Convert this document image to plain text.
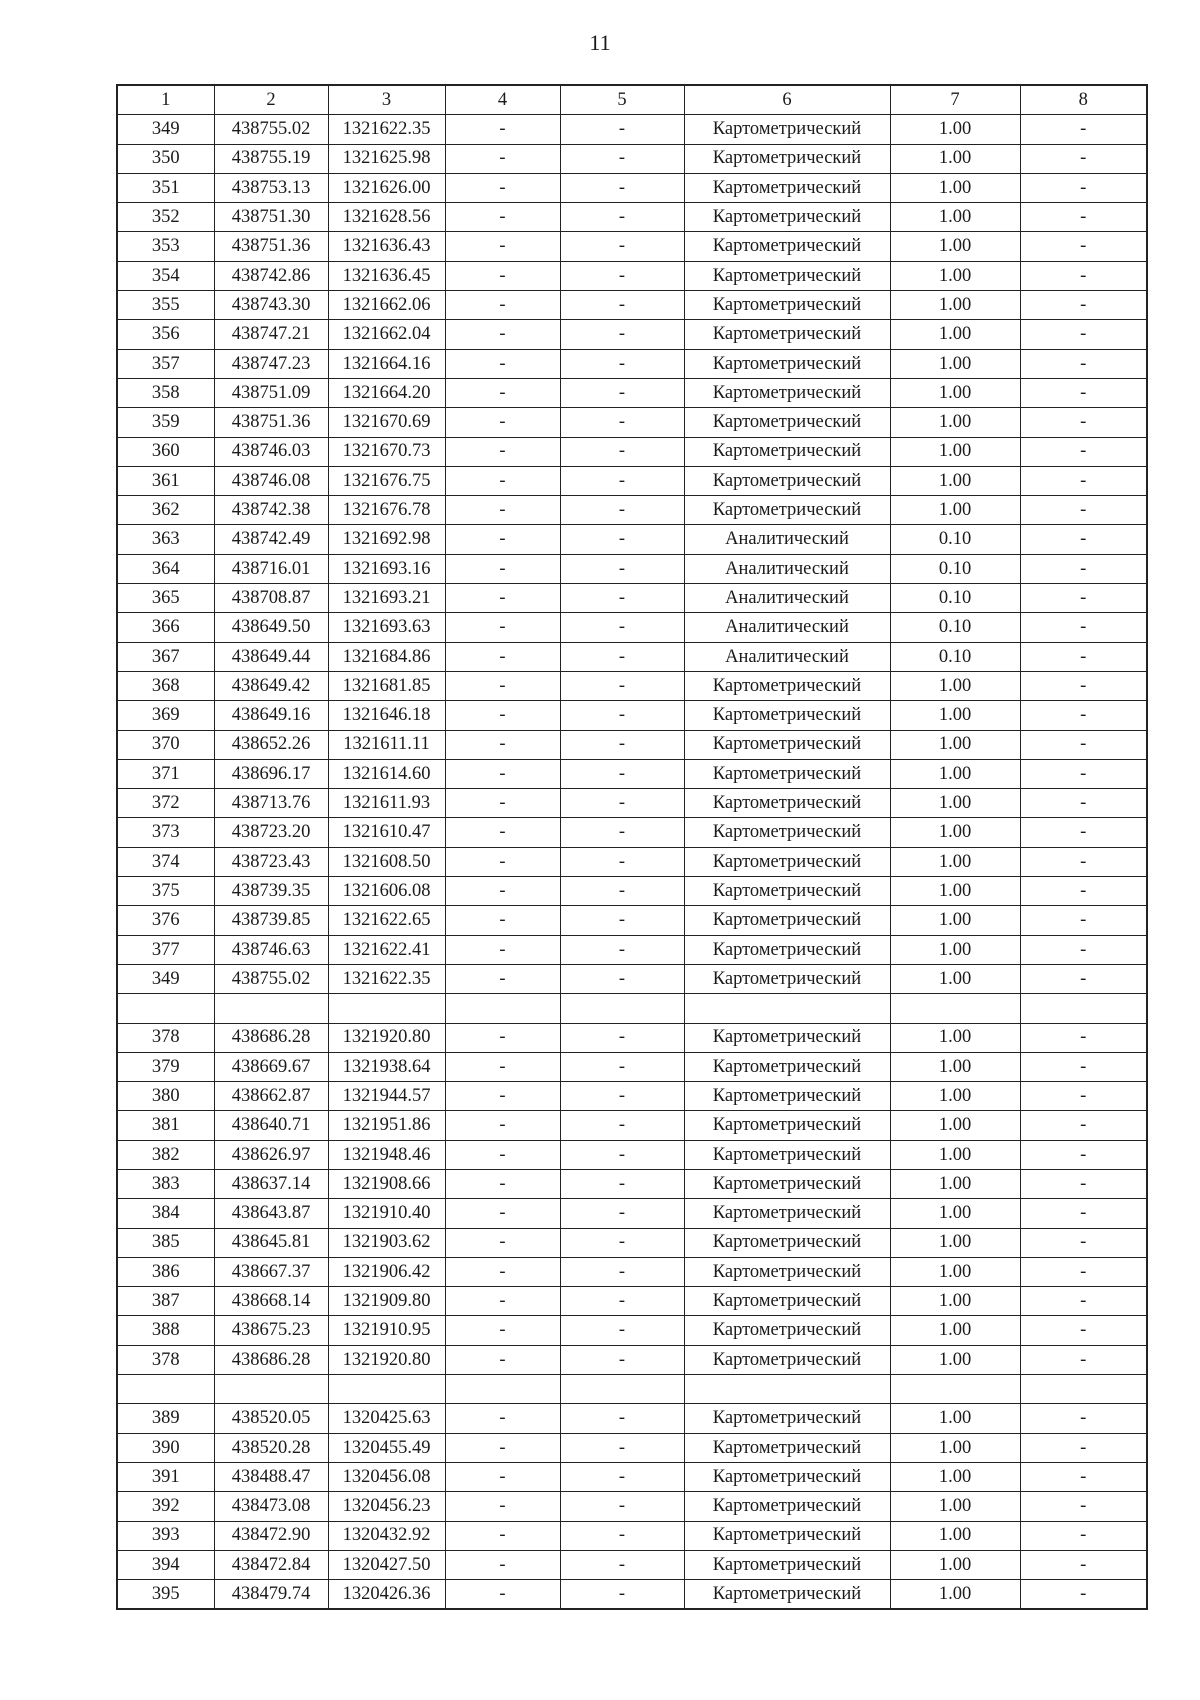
11
1	2	3	4	5	6	7	8
349	438755.02	1321622.35	-	-	Картометрический	1.00	-
350	438755.19	1321625.98	-	-	Картометрический	1.00	-
351	438753.13	1321626.00	-	-	Картометрический	1.00	-
352	438751.30	1321628.56	-	-	Картометрический	1.00	-
353	438751.36	1321636.43	-	-	Картометрический	1.00	-
354	438742.86	1321636.45	-	-	Картометрический	1.00	-
355	438743.30	1321662.06	-	-	Картометрический	1.00	-
356	438747.21	1321662.04	-	-	Картометрический	1.00	-
357	438747.23	1321664.16	-	-	Картометрический	1.00	-
358	438751.09	1321664.20	-	-	Картометрический	1.00	-
359	438751.36	1321670.69	-	-	Картометрический	1.00	-
360	438746.03	1321670.73	-	-	Картометрический	1.00	-
361	438746.08	1321676.75	-	-	Картометрический	1.00	-
362	438742.38	1321676.78	-	-	Картометрический	1.00	-
363	438742.49	1321692.98	-	-	Аналитический	0.10	-
364	438716.01	1321693.16	-	-	Аналитический	0.10	-
365	438708.87	1321693.21	-	-	Аналитический	0.10	-
366	438649.50	1321693.63	-	-	Аналитический	0.10	-
367	438649.44	1321684.86	-	-	Аналитический	0.10	-
368	438649.42	1321681.85	-	-	Картометрический	1.00	-
369	438649.16	1321646.18	-	-	Картометрический	1.00	-
370	438652.26	1321611.11	-	-	Картометрический	1.00	-
371	438696.17	1321614.60	-	-	Картометрический	1.00	-
372	438713.76	1321611.93	-	-	Картометрический	1.00	-
373	438723.20	1321610.47	-	-	Картометрический	1.00	-
374	438723.43	1321608.50	-	-	Картометрический	1.00	-
375	438739.35	1321606.08	-	-	Картометрический	1.00	-
376	438739.85	1321622.65	-	-	Картометрический	1.00	-
377	438746.63	1321622.41	-	-	Картометрический	1.00	-
349	438755.02	1321622.35	-	-	Картометрический	1.00	-

378	438686.28	1321920.80	-	-	Картометрический	1.00	-
379	438669.67	1321938.64	-	-	Картометрический	1.00	-
380	438662.87	1321944.57	-	-	Картометрический	1.00	-
381	438640.71	1321951.86	-	-	Картометрический	1.00	-
382	438626.97	1321948.46	-	-	Картометрический	1.00	-
383	438637.14	1321908.66	-	-	Картометрический	1.00	-
384	438643.87	1321910.40	-	-	Картометрический	1.00	-
385	438645.81	1321903.62	-	-	Картометрический	1.00	-
386	438667.37	1321906.42	-	-	Картометрический	1.00	-
387	438668.14	1321909.80	-	-	Картометрический	1.00	-
388	438675.23	1321910.95	-	-	Картометрический	1.00	-
378	438686.28	1321920.80	-	-	Картометрический	1.00	-

389	438520.05	1320425.63	-	-	Картометрический	1.00	-
390	438520.28	1320455.49	-	-	Картометрический	1.00	-
391	438488.47	1320456.08	-	-	Картометрический	1.00	-
392	438473.08	1320456.23	-	-	Картометрический	1.00	-
393	438472.90	1320432.92	-	-	Картометрический	1.00	-
394	438472.84	1320427.50	-	-	Картометрический	1.00	-
395	438479.74	1320426.36	-	-	Картометрический	1.00	-
